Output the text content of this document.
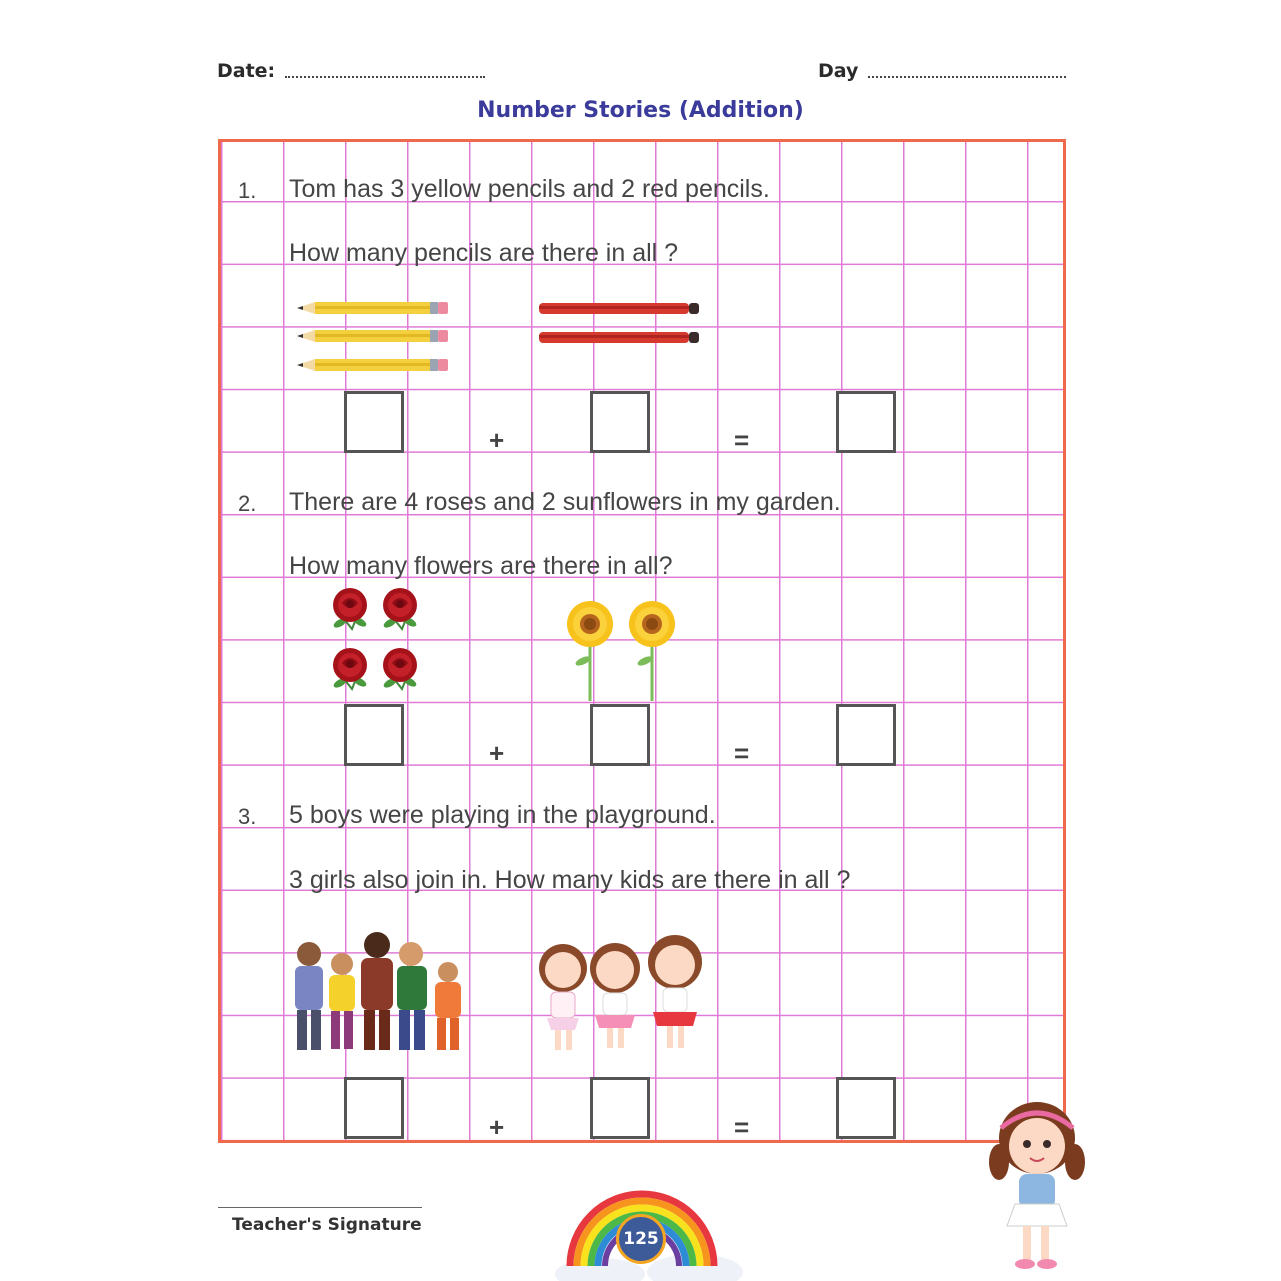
Date:	Day
Number Stories (Addition)
1. Tom has 3 yellow pencils and 2 red pencils.
How many pencils are there in all ?
+	=
2. There are 4 roses and 2 sunflowers in my garden.
How many flowers are there in all?
+	=
3. 5 boys were playing in the playground.
3 girls also join in. How many kids are there in all ?
+	=
Teacher's Signature
125
